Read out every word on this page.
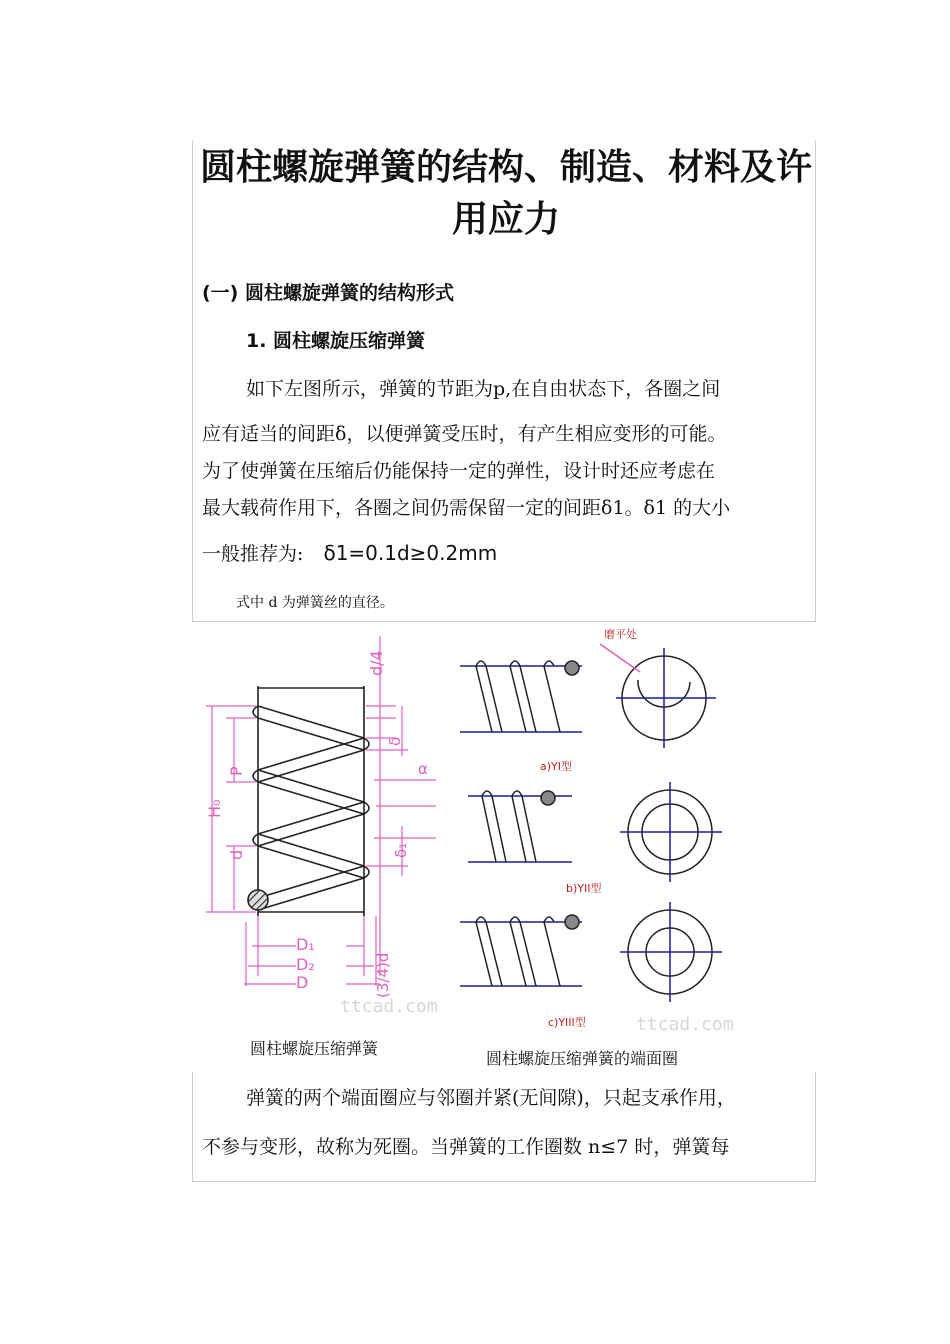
圆柱螺旋弹簧的结构、制造、材料及许用应力
(一) 圆柱螺旋弹簧的结构形式
1. 圆柱螺旋压缩弹簧
如下左图所示，弹簧的节距为p,在自由状态下，各圈之间
应有适当的间距δ，以便弹簧受压时，有产生相应变形的可能。
为了使弹簧在压缩后仍能保持一定的弹性，设计时还应考虑在
最大载荷作用下，各圈之间仍需保留一定的间距δ1。δ1 的大小
一般推荐为: δ1=0.1d≥0.2mm
式中 d 为弹簧丝的直径。
d/4
δ
P
H₀
d
α
δ₁
D₁
D₂
D	(3/4)d
ttcad.com
磨平处
a)YI型
b)YII型
c)YIII型	ttcad.com
圆柱螺旋压缩弹簧
圆柱螺旋压缩弹簧的端面圈
弹簧的两个端面圈应与邻圈并紧(无间隙)，只起支承作用，
不参与变形，故称为死圈。当弹簧的工作圈数 n≤7 时，弹簧每
